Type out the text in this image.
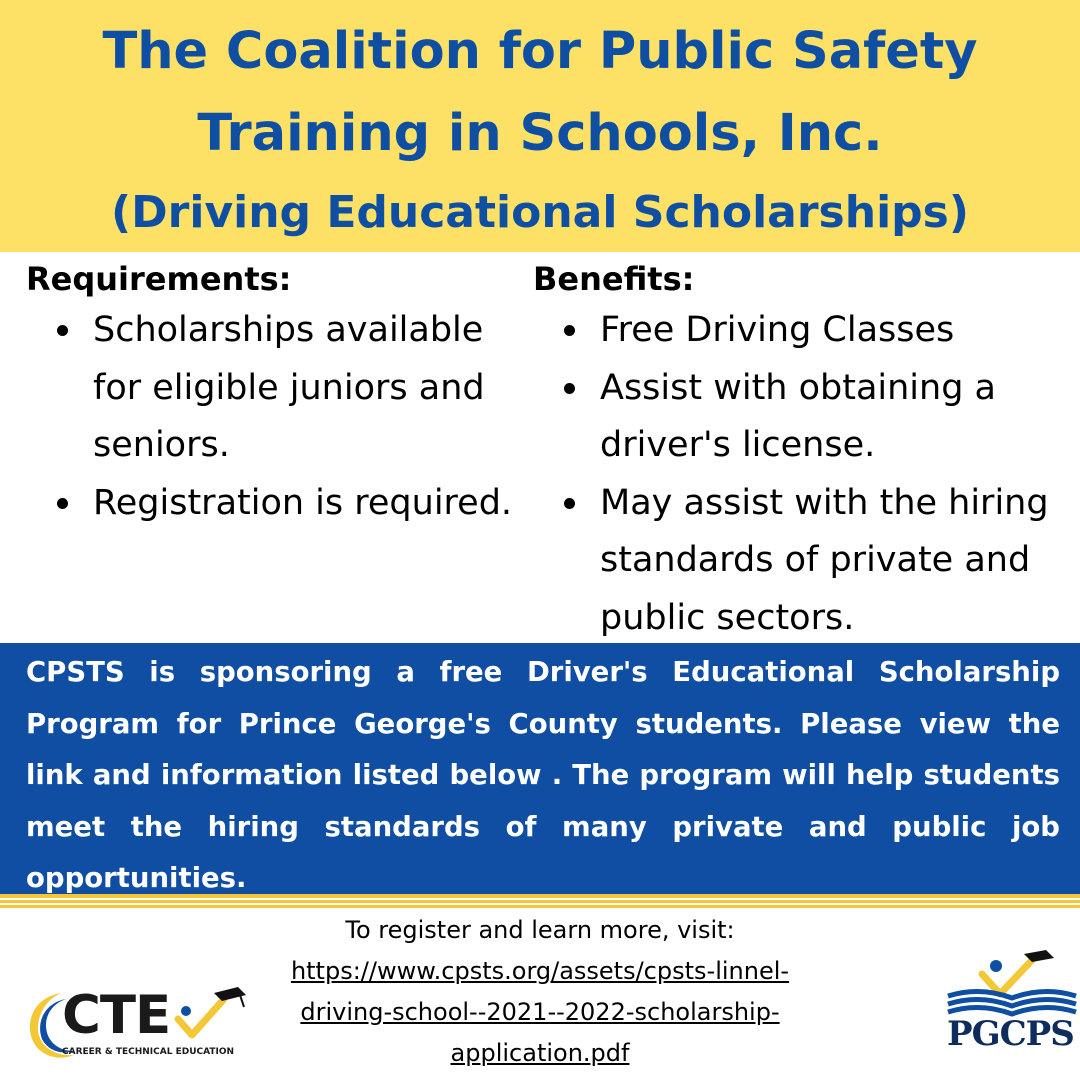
The Coalition for Public Safety
Training in Schools, Inc.
(Driving Educational Scholarships)
Requirements:
Scholarships available for eligible juniors and seniors.
Registration is required.
Benefits:
Free Driving Classes
Assist with obtaining a driver's license.
May assist with the hiring standards of private and public sectors.

CPSTS is sponsoring a free Driver's Educational Scholarship Program for Prince George's County students. Please view the link and information listed below . The program will help students meet the hiring standards of many private and public job opportunities.

To register and learn more, visit:
https://www.cpsts.org/assets/cpsts-linnel-driving-school--2021--2022-scholarship-application.pdf
CTE
CAREER & TECHNICAL EDUCATION	PGCPS
